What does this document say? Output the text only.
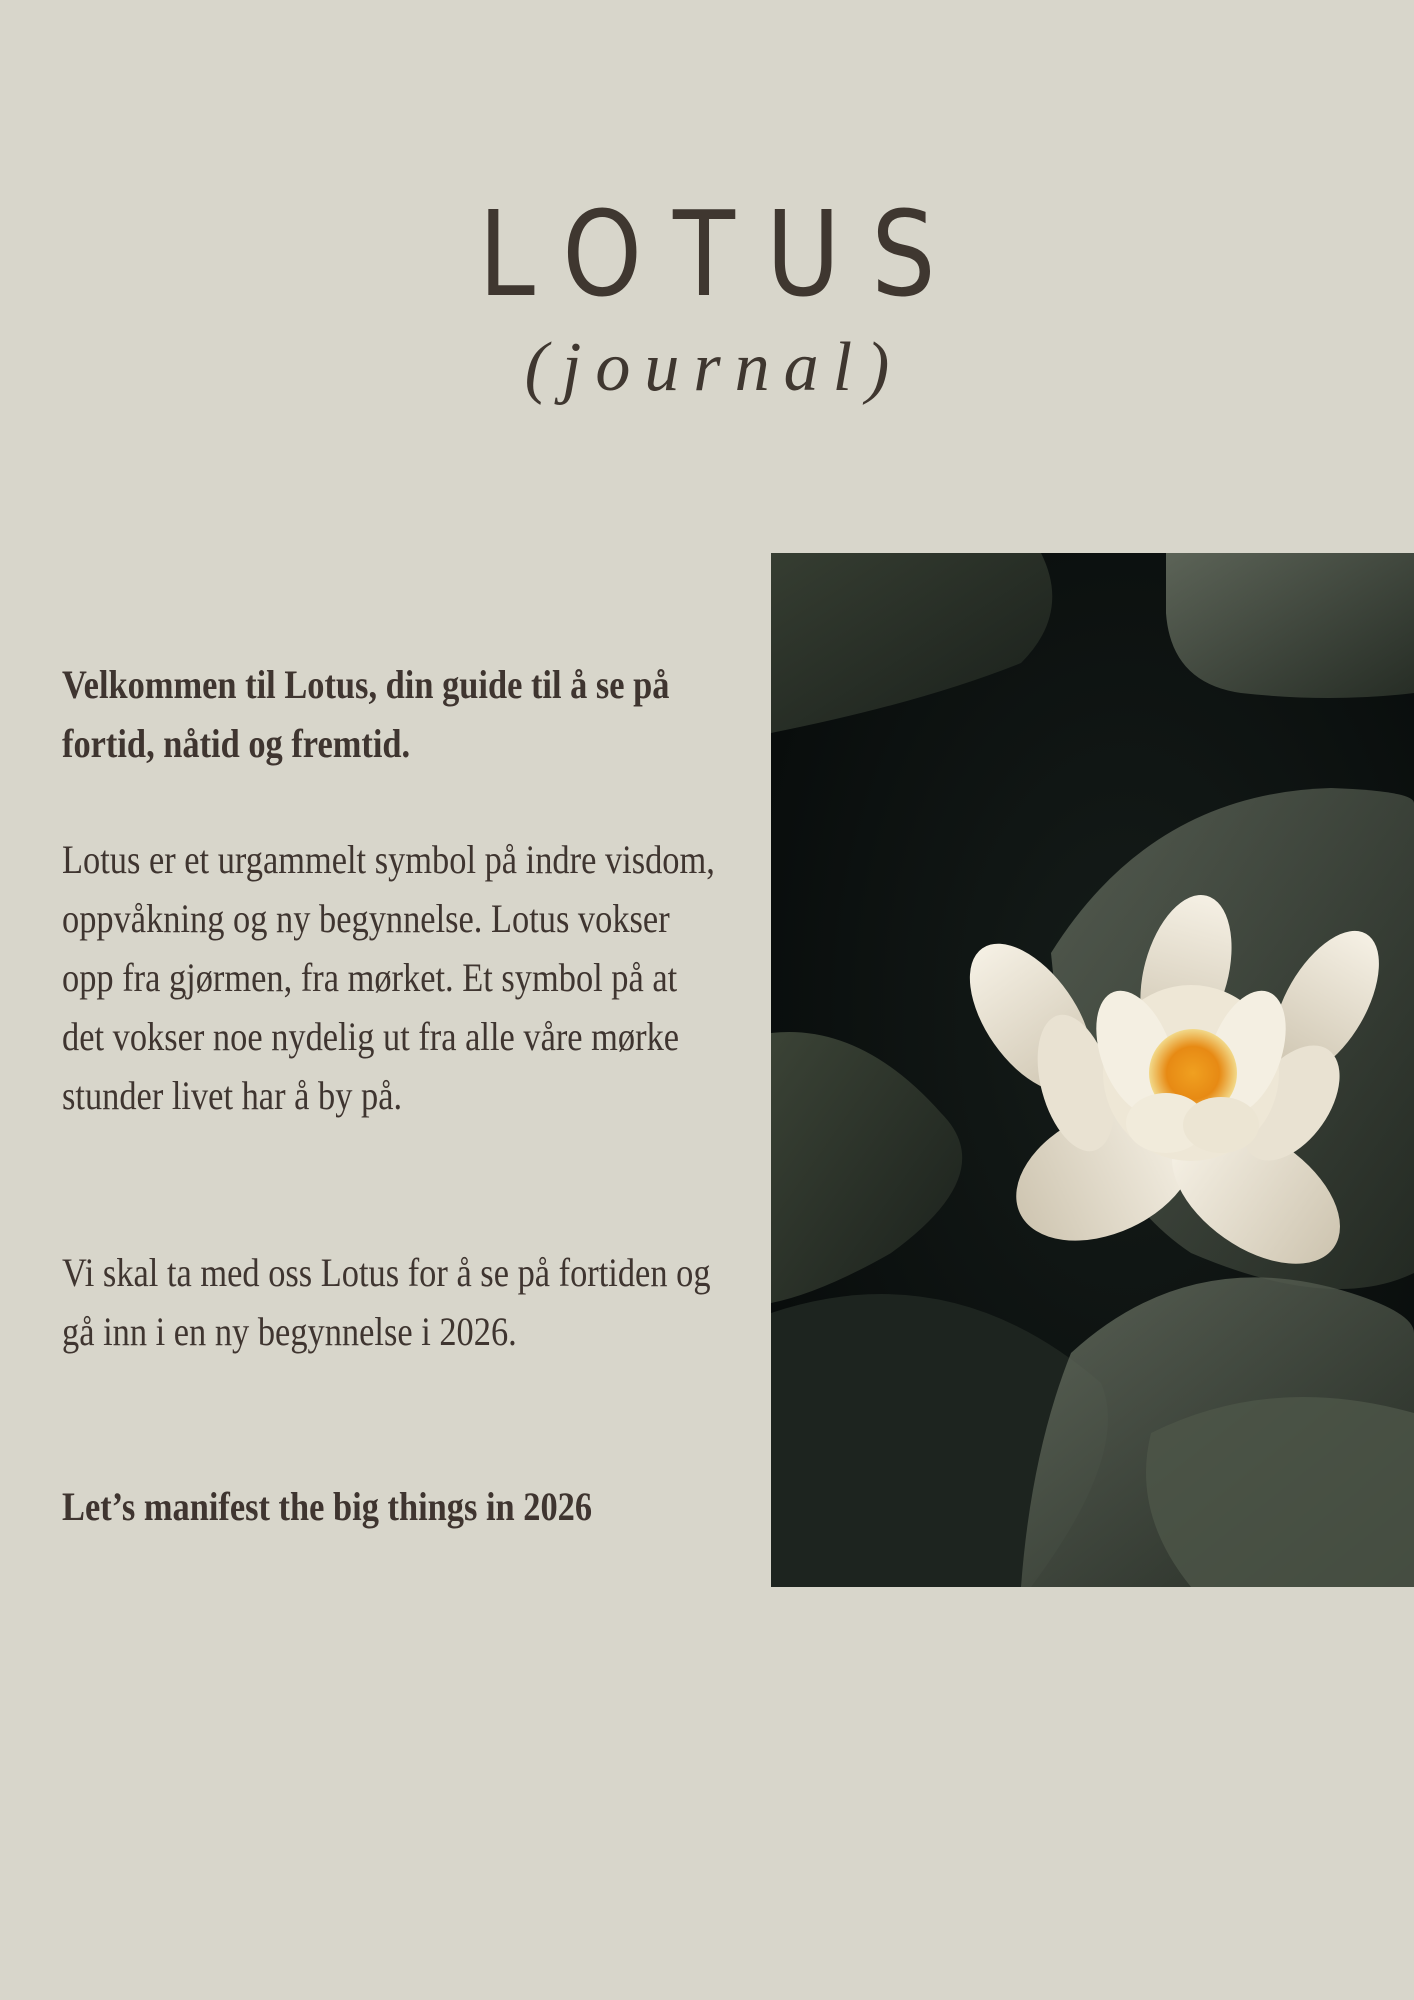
LOTUS
(journal)

Velkommen til Lotus, din guide til å se på fortid, nåtid og fremtid.

Lotus er et urgammelt symbol på indre visdom, oppvåkning og ny begynnelse. Lotus vokser opp fra gjørmen, fra mørket. Et symbol på at det vokser noe nydelig ut fra alle våre mørke stunder livet har å by på.

Vi skal ta med oss Lotus for å se på fortiden og gå inn i en ny begynnelse i 2026.

Let’s manifest the big things in 2026
